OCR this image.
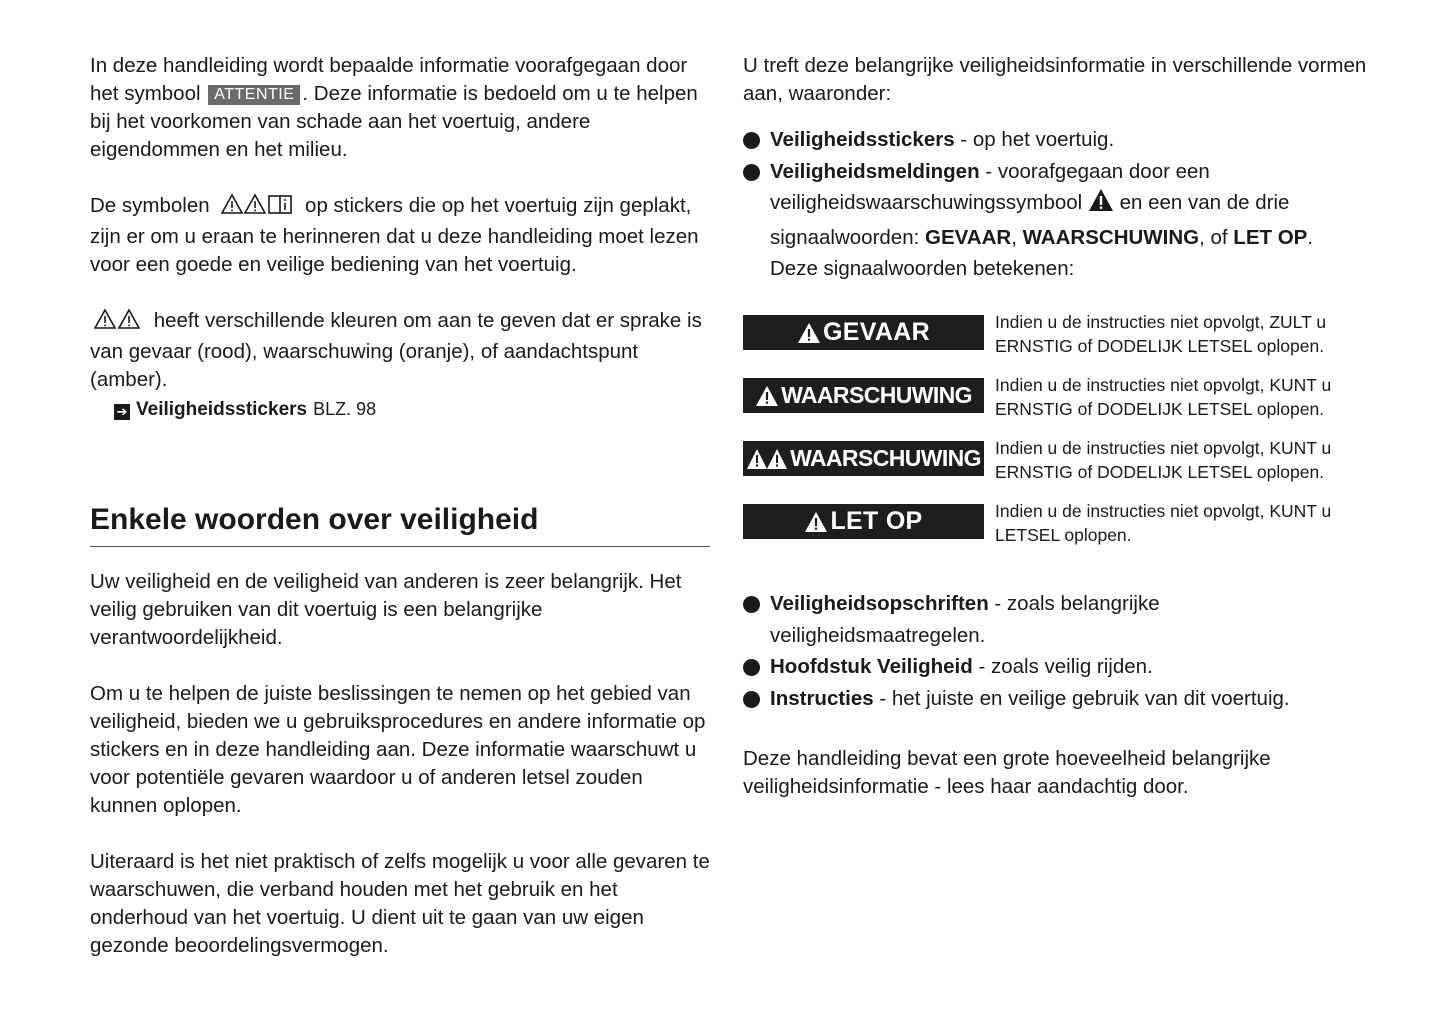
In deze handleiding wordt bepaalde informatie voorafgegaan door het symbool ATTENTIE . Deze informatie is bedoeld om u te helpen bij het voorkomen van schade aan het voertuig, andere eigendommen en het milieu.

De symbolen	op stickers die op het voertuig zijn geplakt, zijn er om u eraan te herinneren dat u deze handleiding moet lezen voor een goede en veilige bediening van het voertuig.

heeft verschillende kleuren om aan te geven dat er sprake is van gevaar (rood), waarschuwing (oranje), of aandachtspunt (amber).

➔ Veiligheidsstickers BLZ. 98
Enkele woorden over veiligheid

Uw veiligheid en de veiligheid van anderen is zeer belangrijk. Het veilig gebruiken van dit voertuig is een belangrijke verantwoordelijkheid.

Om u te helpen de juiste beslissingen te nemen op het gebied van veiligheid, bieden we u gebruiksprocedures en andere informatie op stickers en in deze handleiding aan. Deze informatie waarschuwt u voor potentiële gevaren waardoor u of anderen letsel zouden kunnen oplopen.

Uiteraard is het niet praktisch of zelfs mogelijk u voor alle gevaren te waarschuwen, die verband houden met het gebruik en het onderhoud van het voertuig. U dient uit te gaan van uw eigen gezonde beoordelingsvermogen.

U treft deze belangrijke veiligheidsinformatie in verschillende vormen aan, waaronder:

Veiligheidsstickers - op het voertuig.
Veiligheidsmeldingen - voorafgegaan door een veiligheidswaarschuwingssymbool  en een van de drie signaalwoorden: GEVAAR, WAARSCHUWING, of LET OP.
Deze signaalwoorden betekenen:
GEVAAR	Indien u de instructies niet opvolgt, ZULT u ERNSTIG of DODELIJK LETSEL oplopen.
WAARSCHUWING Indien u de instructies niet opvolgt, KUNT u ERNSTIG of DODELIJK LETSEL oplopen.
WAARSCHUWING Indien u de instructies niet opvolgt, KUNT u ERNSTIG of DODELIJK LETSEL oplopen.
LET OP	Indien u de instructies niet opvolgt, KUNT u LETSEL oplopen.
Veiligheidsopschriften - zoals belangrijke veiligheidsmaatregelen.
Hoofdstuk Veiligheid - zoals veilig rijden.
Instructies - het juiste en veilige gebruik van dit voertuig.

Deze handleiding bevat een grote hoeveelheid belangrijke veiligheidsinformatie - lees haar aandachtig door.
